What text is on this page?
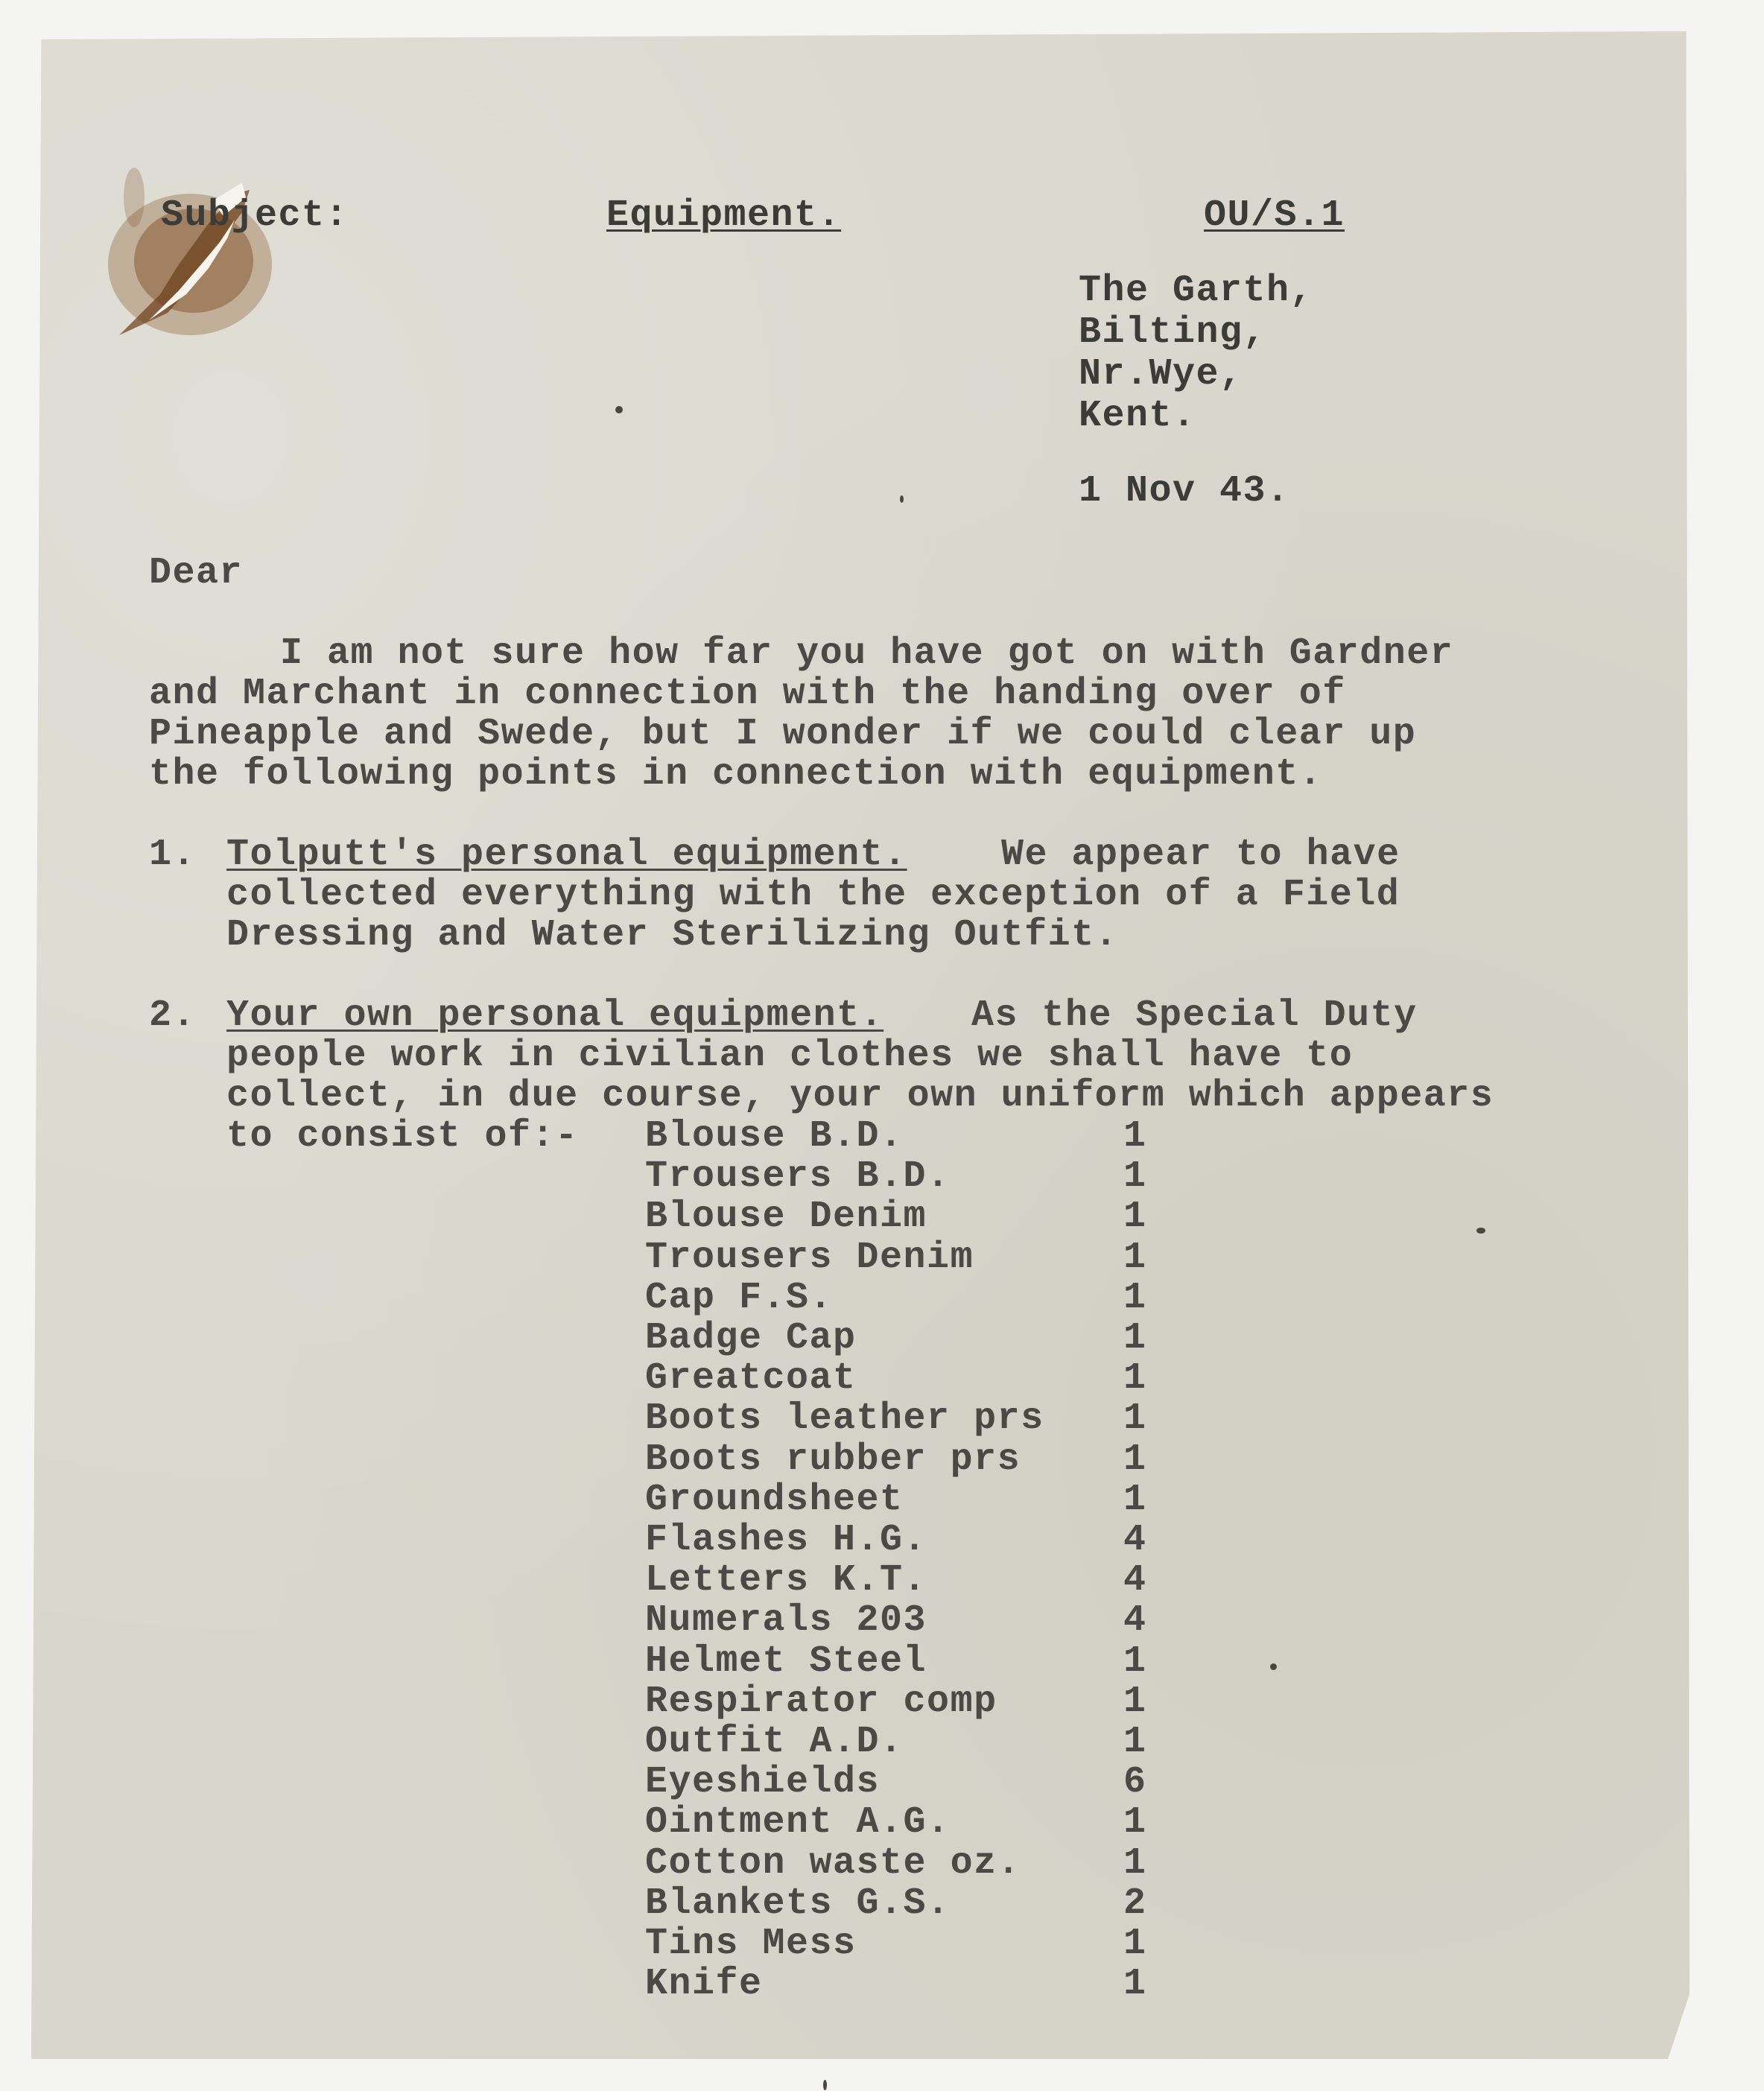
Subject:	Equipment.	OU/S.1
The Garth,
Bilting,
Nr.Wye,
Kent.
1 Nov 43.
Dear
I am not sure how far you have got on with Gardner
and Marchant in connection with the handing over of
Pineapple and Swede, but I wonder if we could clear up
the following points in connection with equipment.
1. Tolputt's personal equipment.	We appear to have
collected everything with the exception of a Field
Dressing and Water Sterilizing Outfit.
2. Your own personal equipment. As the Special Duty
people work in civilian clothes we shall have to
collect, in due course, your own uniform which appears
to consist of:- Blouse B.D.	1
Trousers B.D.	1
Blouse Denim	1
Trousers Denim	1
Cap F.S.	1
Badge Cap	1
Greatcoat	1
Boots leather prs 1
Boots rubber prs	1
Groundsheet	1
Flashes H.G.	4
Letters K.T.	4
Numerals 203	4
Helmet Steel	1
Respirator comp	1
Outfit A.D.	1
Eyeshields	6
Ointment A.G.	1
Cotton waste oz.	1
Blankets G.S.	2
Tins Mess	1
Knife	1
